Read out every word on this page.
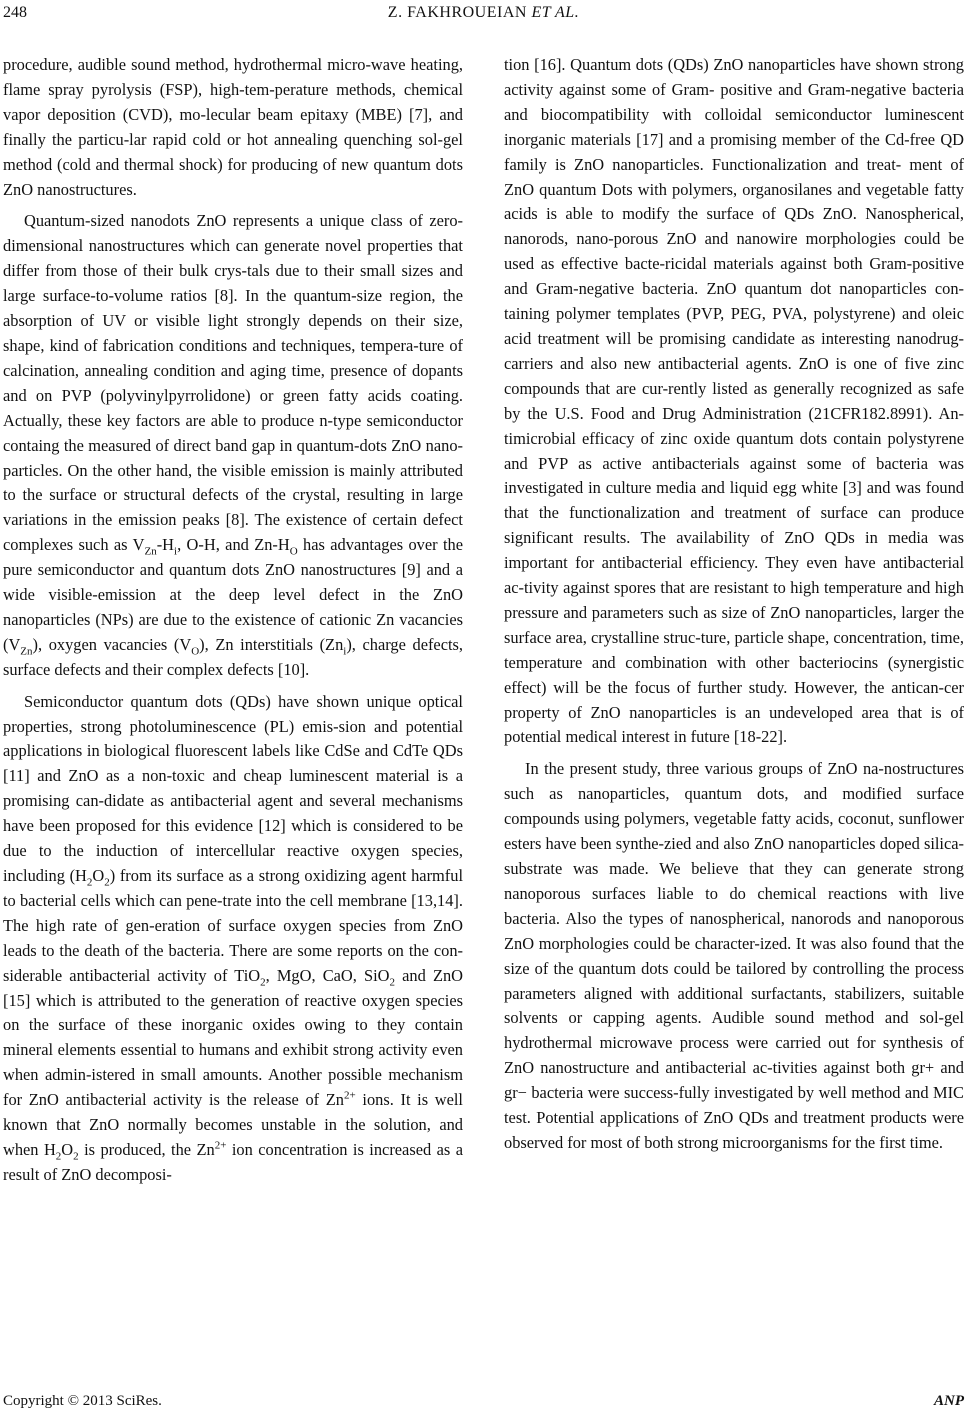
248	Z. FAKHROUEIAN ET AL.

procedure, audible sound method, hydrothermal micro-wave heating, flame spray pyrolysis (FSP), high-tem-perature methods, chemical vapor deposition (CVD), mo-lecular beam epitaxy (MBE) [7], and finally the particu-lar rapid cold or hot annealing quenching sol-gel method (cold and thermal shock) for producing of new quantum dots ZnO nanostructures.

Quantum-sized nanodots ZnO represents a unique class of zero-dimensional nanostructures which can generate novel properties that differ from those of their bulk crys-tals due to their small sizes and large surface-to-volume ratios [8]. In the quantum-size region, the absorption of UV or visible light strongly depends on their size, shape, kind of fabrication conditions and techniques, tempera-ture of calcination, annealing condition and aging time, presence of dopants and on PVP (polyvinylpyrrolidone) or green fatty acids coating. Actually, these key factors are able to produce n-type semiconductor containg the measured of direct band gap in quantum-dots ZnO nano-particles. On the other hand, the visible emission is mainly attributed to the surface or structural defects of the crystal, resulting in large variations in the emission peaks [8]. The existence of certain defect complexes such as $V_{Zn}-H_i$, O-H, and $Zn-H_O$ has advantages over the pure semiconductor and quantum dots ZnO nanostructures [9] and a wide visible-emission at the deep level defect in the ZnO nanoparticles (NPs) are due to the existence of cationic Zn vacancies $(V_{Zn})$, oxygen vacancies $(V_O)$, Zn interstitials $(Zn_i)$, charge defects, surface defects and their complex defects [10].

Semiconductor quantum dots (QDs) have shown unique optical properties, strong photoluminescence (PL) emis-sion and potential applications in biological fluorescent labels like CdSe and CdTe QDs [11] and ZnO as a non-toxic and cheap luminescent material is a promising can-didate as antibacterial agent and several mechanisms have been proposed for this evidence [12] which is considered to be due to the induction of intercellular reactive oxygen species, including $(H_2O_2)$ from its surface as a strong oxidizing agent harmful to bacterial cells which can pene-trate into the cell membrane [13,14]. The high rate of gen-eration of surface oxygen species from ZnO leads to the death of the bacteria. There are some reports on the con-siderable antibacterial activity of TiO$_2$, MgO, CaO, SiO$_2$ and ZnO [15] which is attributed to the generation of reactive oxygen species on the surface of these inorganic oxides owing to they contain mineral elements essential to humans and exhibit strong activity even when admin-istered in small amounts. Another possible mechanism for ZnO antibacterial activity is the release of $Zn^{2+}$ ions. It is well known that ZnO normally becomes unstable in the solution, and when $H_2O_2$ is produced, the $Zn^{2+}$ ion concentration is increased as a result of ZnO decomposi-

tion [16]. Quantum dots (QDs) ZnO nanoparticles have shown strong activity against some of Gram- positive and Gram-negative bacteria and biocompatibility with colloidal semiconductor luminescent inorganic materials [17] and a promising member of the Cd-free QD family is ZnO nanoparticles. Functionalization and treat- ment of ZnO quantum Dots with polymers, organosilanes and vegetable fatty acids is able to modify the surface of QDs ZnO. Nanospherical, nanorods, nano-porous ZnO and nanowire morphologies could be used as effective bacte-ricidal materials against both Gram-positive and Gram-negative bacteria. ZnO quantum dot nanoparticles con-taining polymer templates (PVP, PEG, PVA, polystyrene) and oleic acid treatment will be promising candidate as interesting nanodrug-carriers and also new antibacterial agents. ZnO is one of five zinc compounds that are cur-rently listed as generally recognized as safe by the U.S. Food and Drug Administration (21CFR182.8991). An-timicrobial efficacy of zinc oxide quantum dots contain polystyrene and PVP as active antibacterials against some of bacteria was investigated in culture media and liquid egg white [3] and was found that the functionalization and treatment of surface can produce significant results. The availability of ZnO QDs in media was important for antibacterial efficiency. They even have antibacterial ac-tivity against spores that are resistant to high temperature and high pressure and parameters such as size of ZnO nanoparticles, larger the surface area, crystalline struc-ture, particle shape, concentration, time, temperature and combination with other bacteriocins (synergistic effect) will be the focus of further study. However, the antican-cer property of ZnO nanoparticles is an undeveloped area that is of potential medical interest in future [18-22].

In the present study, three various groups of ZnO na-nostructures such as nanoparticles, quantum dots, and modified surface compounds using polymers, vegetable fatty acids, coconut, sunflower esters have been synthe-zied and also ZnO nanoparticles doped silica-substrate was made. We believe that they can generate strong nanoporous surfaces liable to do chemical reactions with live bacteria. Also the types of nanospherical, nanorods and nanoporous ZnO morphologies could be character-ized. It was also found that the size of the quantum dots could be tailored by controlling the process parameters aligned with additional surfactants, stabilizers, suitable solvents or capping agents. Audible sound method and sol-gel hydrothermal microwave process were carried out for synthesis of ZnO nanostructure and antibacterial ac-tivities against both gr+ and gr− bacteria were success-fully investigated by well method and MIC test. Potential applications of ZnO QDs and treatment products were observed for most of both strong microorganisms for the first time.

Copyright © 2013 SciRes.	ANP
